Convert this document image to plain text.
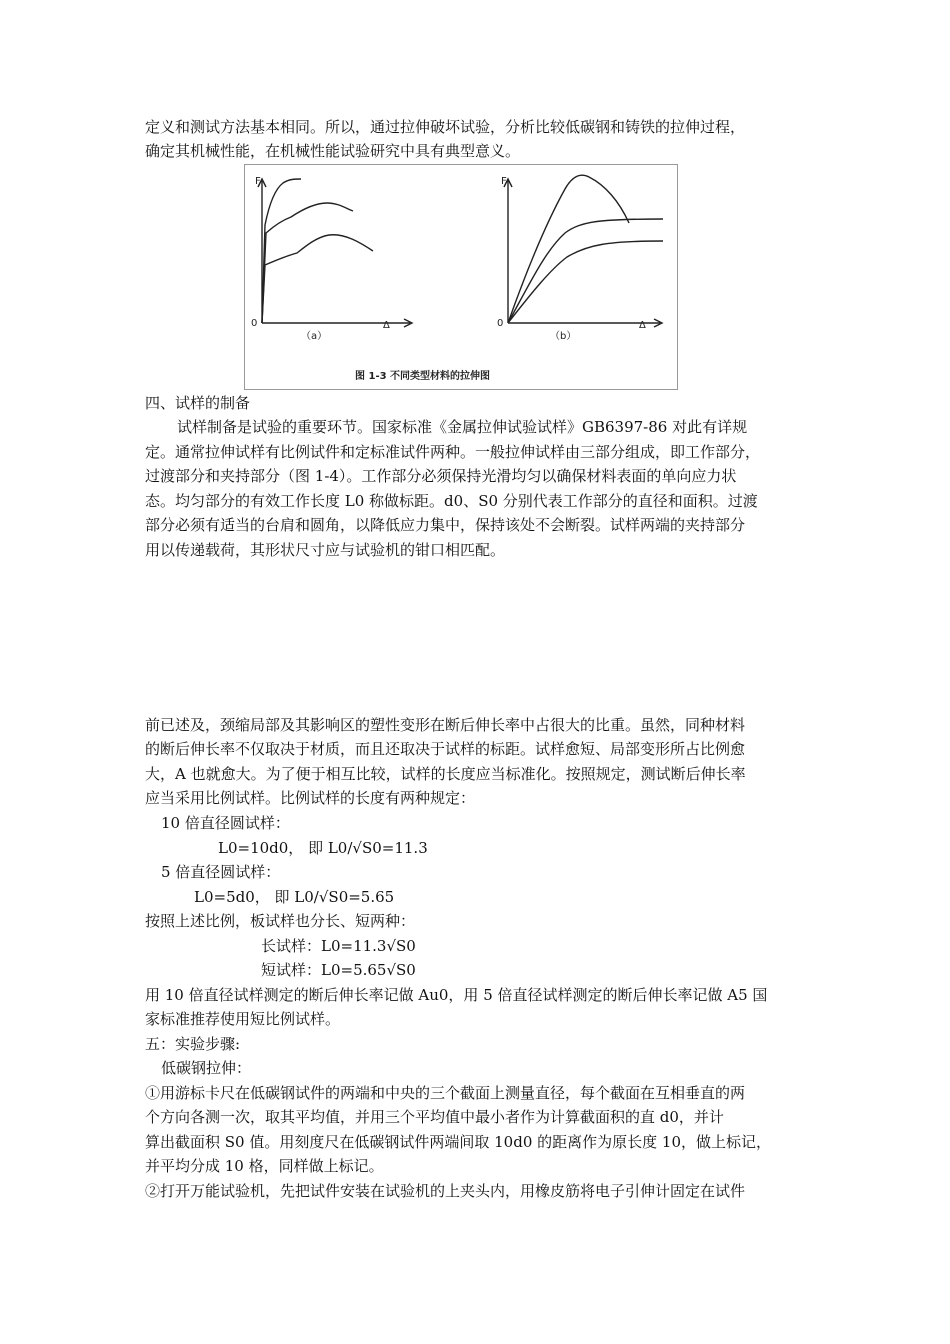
定义和测试方法基本相同。所以，通过拉伸破坏试验，分析比较低碳钢和铸铁的拉伸过程，
确定其机械性能，在机械性能试验研究中具有典型意义。
F
0	Δ
（a）
F
0	Δ
（b）
图 1-3 不同类型材料的拉伸图
四、试样的制备
试样制备是试验的重要环节。国家标准《金属拉伸试验试样》GB6397-86 对此有详规
定。通常拉伸试样有比例试件和定标准试件两种。一般拉伸试样由三部分组成，即工作部分，
过渡部分和夹持部分（图 1-4）。工作部分必须保持光滑均匀以确保材料表面的单向应力状
态。均匀部分的有效工作长度 L0 称做标距。d0、S0 分别代表工作部分的直径和面积。过渡
部分必须有适当的台肩和圆角，以降低应力集中，保持该处不会断裂。试样两端的夹持部分
用以传递载荷，其形状尺寸应与试验机的钳口相匹配。
前已述及，颈缩局部及其影响区的塑性变形在断后伸长率中占很大的比重。虽然，同种材料
的断后伸长率不仅取决于材质，而且还取决于试样的标距。试样愈短、局部变形所占比例愈
大，A 也就愈大。为了便于相互比较，试样的长度应当标准化。按照规定，测试断后伸长率
应当采用比例试样。比例试样的长度有两种规定：
10 倍直径圆试样：
L0=10d0， 即 L0/√S0=11.3
5 倍直径圆试样：
L0=5d0， 即 L0/√S0=5.65
按照上述比例，板试样也分长、短两种：
长试样：L0=11.3√S0
短试样：L0=5.65√S0
用 10 倍直径试样测定的断后伸长率记做 Au0，用 5 倍直径试样测定的断后伸长率记做 A5 国
家标准推荐使用短比例试样。
五：实验步骤:
低碳钢拉伸：
①用游标卡尺在低碳钢试件的两端和中央的三个截面上测量直径，每个截面在互相垂直的两
个方向各测一次，取其平均值，并用三个平均值中最小者作为计算截面积的直 d0，并计
算出截面积 S0 值。用刻度尺在低碳钢试件两端间取 10d0 的距离作为原长度 10，做上标记，
并平均分成 10 格，同样做上标记。
②打开万能试验机，先把试件安装在试验机的上夹头内，用橡皮筋将电子引伸计固定在试件
